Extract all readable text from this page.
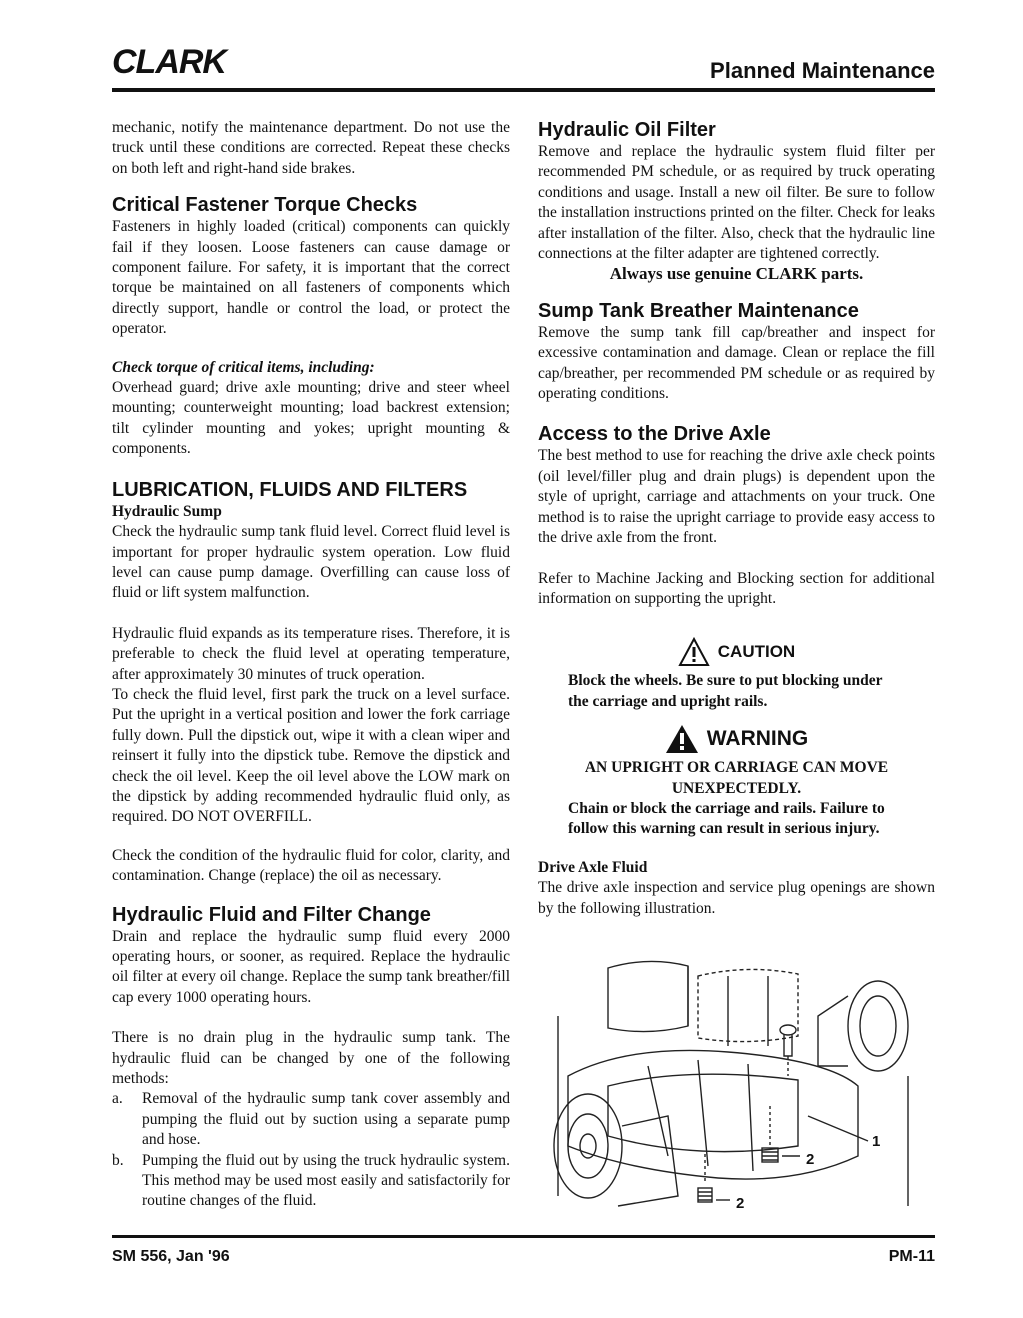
CLARK	Planned Maintenance

mechanic, notify the maintenance department. Do not use the truck until these conditions are corrected. Repeat these checks on both left and right-hand side brakes.

Critical Fastener Torque Checks

Fasteners in highly loaded (critical) components can quickly fail if they loosen. Loose fasteners can cause damage or component failure. For safety, it is important that the correct torque be maintained on all fasteners of components which directly support, handle or control the load, or protect the operator.

Check torque of critical items, including:

Overhead guard; drive axle mounting; drive and steer wheel mounting; counterweight mounting; load backrest extension; tilt cylinder mounting and yokes; upright mounting & components.

LUBRICATION, FLUIDS AND FILTERS

Hydraulic Sump

Check the hydraulic sump tank fluid level. Correct fluid level is important for proper hydraulic system operation. Low fluid level can cause pump damage. Overfilling can cause loss of fluid or lift system malfunction.

Hydraulic fluid expands as its temperature rises. Therefore, it is preferable to check the fluid level at operating temperature, after approximately 30 minutes of truck operation.

To check the fluid level, first park the truck on a level surface. Put the upright in a vertical position and lower the fork carriage fully down. Pull the dipstick out, wipe it with a clean wiper and reinsert it fully into the dipstick tube. Remove the dipstick and check the oil level. Keep the oil level above the LOW mark on the dipstick by adding recommended hydraulic fluid only, as required. DO NOT OVERFILL.

Check the condition of the hydraulic fluid for color, clarity, and contamination. Change (replace) the oil as necessary.

Hydraulic Fluid and Filter Change

Drain and replace the hydraulic sump fluid every 2000 operating hours, or sooner, as required. Replace the hydraulic oil filter at every oil change. Replace the sump tank breather/fill cap every 1000 operating hours.

There is no drain plug in the hydraulic sump tank. The hydraulic fluid can be changed by one of the following methods:

a. Removal of the hydraulic sump tank cover assembly and pumping the fluid out by suction using a separate pump and hose.
b. Pumping the fluid out by using the truck hydraulic system. This method may be used most easily and satisfactorily for routine changes of the fluid.
Hydraulic Oil Filter

Remove and replace the hydraulic system fluid filter per recommended PM schedule, or as required by truck operating conditions and usage. Install a new oil filter. Be sure to follow the installation instructions printed on the filter. Check for leaks after installation of the filter. Also, check that the hydraulic line connections at the filter adapter are tightened correctly.

Always use genuine CLARK parts.

Sump Tank Breather Maintenance

Remove the sump tank fill cap/breather and inspect for excessive contamination and damage. Clean or replace the fill cap/breather, per recommended PM schedule or as required by operating conditions.

Access to the Drive Axle

The best method to use for reaching the drive axle check points (oil level/filler plug and drain plugs) is dependent upon the style of upright, carriage and attachments on your truck. One method is to raise the upright carriage to provide easy access to the drive axle from the front.

Refer to Machine Jacking and Blocking section for additional information on supporting the upright.

CAUTION

Block the wheels. Be sure to put blocking under the carriage and upright rails.

WARNING

AN UPRIGHT OR CARRIAGE CAN MOVE UNEXPECTEDLY.

Chain or block the carriage and rails. Failure to follow this warning can result in serious injury.

Drive Axle Fluid

The drive axle inspection and service plug openings are shown by the following illustration.

1
2
2
SM 556, Jan '96	PM-11
